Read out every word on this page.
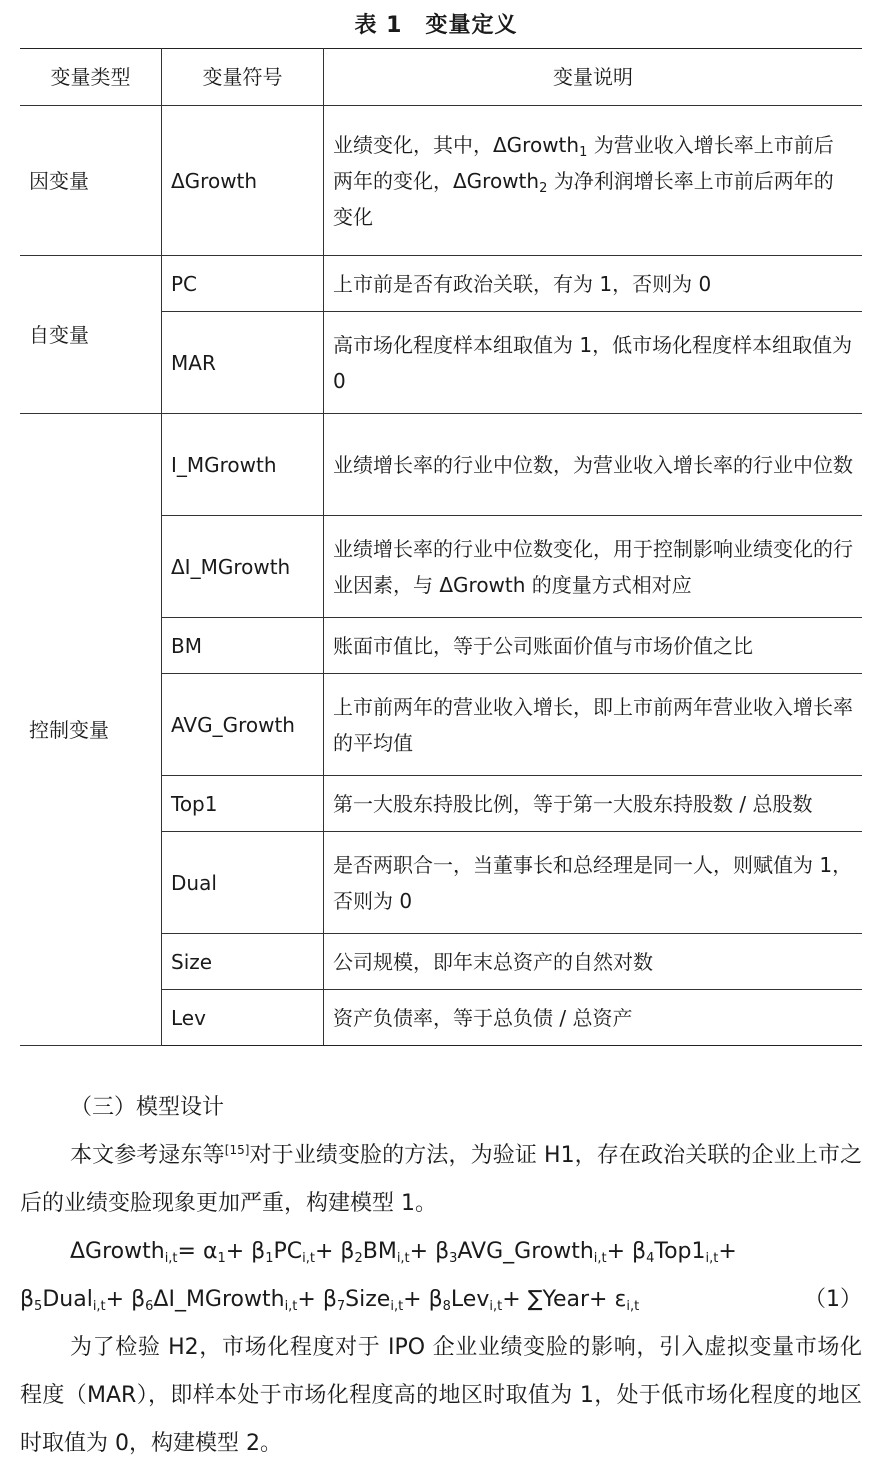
表 1　变量定义
变量类型	变量符号	变量说明
因变量	ΔGrowth	业绩变化，其中，ΔGrowth$_1$ 为营业收入增长率上市前后两年的变化，ΔGrowth$_2$ 为净利润增长率上市前后两年的变化
自变量	PC	上市前是否有政治关联，有为 1，否则为 0
	MAR	高市场化程度样本组取值为 1，低市场化程度样本组取值为 0
控制变量	I_MGrowth	业绩增长率的行业中位数，为营业收入增长率的行业中位数
	ΔI_MGrowth	业绩增长率的行业中位数变化，用于控制影响业绩变化的行业因素，与 ΔGrowth 的度量方式相对应
	BM	账面市值比，等于公司账面价值与市场价值之比
	AVG_Growth	上市前两年的营业收入增长，即上市前两年营业收入增长率的平均值
	Top1	第一大股东持股比例，等于第一大股东持股数 / 总股数
	Dual	是否两职合一，当董事长和总经理是同一人，则赋值为 1，否则为 0
	Size	公司规模，即年末总资产的自然对数
	Lev	资产负债率，等于总负债 / 总资产

（三）模型设计

本文参考逯东等[15]对于业绩变脸的方法，为验证 H1，存在政治关联的企业上市之后的业绩变脸现象更加严重，构建模型 1。

ΔGrowth$_{i,t}$= $\alpha_1+ \beta_1PC_{i,t}+ \beta_2BM_{i,t}+$ $\beta_3AVG\_Growth_{i,t}+ \beta_4Top1_{i,t}+$

$\beta_5Dual_{i,t}+$ $\beta_6\Delta I\_MGrowth_{i,t}+$ $\beta_7Size_{i,t}+ \beta_8Lev_{i,t}+$ ∑Year+ $\varepsilon_{i,t}$	（1）

为了检验 H2，市场化程度对于 IPO 企业业绩变脸的影响，引入虚拟变量市场化程度（MAR），即样本处于市场化程度高的地区时取值为 1，处于低市场化程度的地区时取值为 0，构建模型 2。
